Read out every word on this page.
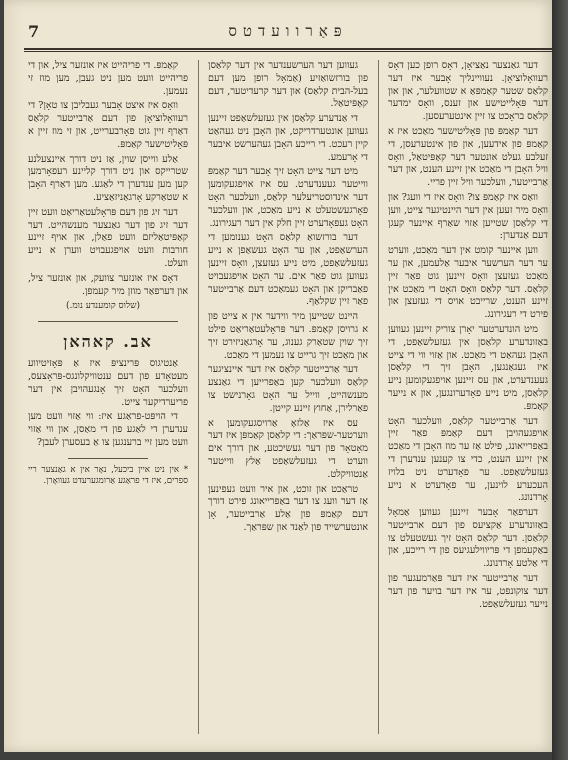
7	פּאַרוועדטס

דער גאַנצער נאַציאָן, דאָס רופן כען דאָס רעוואָלוציאָן. נעוויינליך אָבער איז דער קלאַס שטער קאַמפּאַ א שטוועלער, און און דער פּאָלייטישע און זענס, וואָס ימדער קלאַס בראָכט צו זיין אינטערעסען.

דער קאַמפּ פון פּאָליטישער מאַכט איז א קאַמפּ פון אידעען, און פון אינטערעסן, די זעלבע געלט אונטער דער קאַפּיטאַל, וואָס וויל האָבן די מאַכט אין זיינע הענט, און דער אַרבייטער, וועלכער וויל זיין פריי.

וואַס איז קאַמפּ צו? וואָס איז די וועג? און וואָס מיר זעען אין דער היינטיגער צייט, ווען די קלאַסן שטייען אַזוי שאַרף איינער קעגן דעם אַנדערן:

ווען איינער קומט אין דער מאַכט, ווערט ער דער הערשער איבער אַלעמען, און ער מאַכט געזעצן וואָס זיינען גוט פאַר זיין קלאַס. דער קלאַס וואָס האָט די מאַכט אין זיינע הענט, שרייבט אויס די געזעצן און פירט די רעגירונג.

מיט הונדערטער יאָרן צוריק זיינען געווען באַזונדערע קלאַסן אין געזעלשאַפט, די האָבן געהאַט די מאַכט. און אַזוי ווי די צייט איז געגאַנגען, האָבן זיך די קלאַסן געענדערט, און עס זיינען אויפגעקומען נייע קלאַסן, מיט נייע פאָדערונגען, און א נייער קאַמפּ.

דער אַרבייטער קלאַס, וועלכער האָט אויפגעהויבן דעם קאַמפּ פאַר זיין באַפרייאונג, פילט אַז ער מוז האָבן די מאַכט אין זיינע הענט, כדי צו קענען ענדערן די געזעלשאַפט. ער פאָדערט ניט בלויז העכערע לוינען, ער פאָדערט א נייע אָרדנונג.

דערפאַר אָבער זיינען געווען אַמאָל באַזונדערע אַקציעס פון דעם ארבייטער קלאַסן. דער קלאַס האָט זיך געשטעלט צו באַקעמפן די פּריווילעגיעס פון די רייכע, און די אַלטע אָרדנונג.

דער אַרבייטער איז דער פּאַרמעגער פון דער צוקונפט, ער איז דער בויער פון דער נייער געזעלשאַפט.

געווען דער הערשענדער אין דער קלאַסן פון בורזשואַזיע (אַמאָל רופן מען דעם בעל-הבית קלאַס) און דער קרעדיטער, דעם קאָפּיטאַל.

די אַנדערע קלאַסן אין געזעלשאַפט זיינען געווען אונטערדריקט, און האָבן ניט געהאַט קיין רעכט. די רייכע האָבן געהערשט איבער די אָרעמע.

מיט דער צייט האָט זיך אָבער דער קאַמפּ ווייטער געענדערט. עס איז אויפגעקומען דער אינדוסטריעלער קלאַס, וועלכער האָט פאָרגעשטעלט א נייע מאַכט, און וועלכער האָט געפאָדערט זיין חלק אין דער רעגירונג.

דער בורזשואַ קלאַס האָט גענומען די הערשאַפט, און ער האָט געשאַפן א נייע געזעלשאַפט, מיט נייע געזעצן, וואָס זיינען געווען גוט פאַר אים. ער האָט אויפגעבויט פאַבריקן און האָט געמאַכט דעם אַרבייטער פאַר זיין שקלאַף.

היינט שטייען מיר ווידער אין א צייט פון א גרויסן קאַמפּ. דער פּראָלעטאַריאַט פילט זיך שוין שטאַרק גענוג, ער אָרגאַניזירט זיך און מאַכט זיך גרייט צו נעמען די מאַכט.

דער אַרבייטער קלאַס איז דער איינציגער קלאַס וועלכער קען באַפרייען די גאַנצע מענשהייט, ווייל ער האָט גאָרנישט צו פאַרלירן, אַחוץ זיינע קייטן.

עס איז אַלזאָ אַרויסגעקומען א ווערטער-שפּראַך: די קלאַסן קאַמפּן איז דער מאָטאָר פון דער געשיכטע, און דורך אים ווערט די געזעלשאַפט אַלץ ווייטער אַנטוויקלט.

טראַכט און זוכט, און איר וועט געפינען אַז דער וועג צו דער באַפרייאונג פירט דורך דעם קאַמפּ פון אַלע אַרבייטער, אָן אונטערשייד פון לאַנד און שפּראַך.

קאַמפּ. די פריהייט איז אונזער ציל, און די פריהייט וועט מען ניט געבן, מען מוז זי נעמען.

וואָס איז איצט אָבער געבליבן צו טאָן? די רעוואָלוציאָן פון דעם אַרבייטער קלאַס דאַרף זיין גוט פאָרבערייט, און זי מוז זיין א פּאָליטישער קאַמפּ.

אַלע ווייסן שוין, אַז ניט דורך איינצעלנע שטרייקס און ניט דורך קליינע רעפאָרמען קען מען ענדערן די לאַגע. מען דאַרף האָבן א שטאַרקע אָרגאַניזאַציע.

דער זיג פון דעם פּראָלעטאַריאַט וועט זיין דער זיג פון דער גאַנצער מענשהייט. דער קאַפּיטאַליזם וועט פאַלן, און אויף זיינע חורבות וועט אויפגעבויט ווערן א נייע וועלט.

דאָס איז אונזער צוועק, און אונזער ציל, און דערפאַר מוזן מיר קעמפן.

(שלוס קומענדע נומ.)

אב. קאהאן

אַנטיגוס פּרינציפּ איז אַ פּאָזיטיווע מעטאָדע פון דעם ענטוויקלונגס-פּראָצעס, וועלכער האָט זיך אָנגעהויבן אין דער פריערדיקער צייט.

די הויפּט-פראַגע איז: ווי אַזוי וועט מען ענדערן די לאַגע פון די מאַסן, און ווי אַזוי וועט מען זיי ברענגען צו אַ בעסערן לעבן?

* אין ניט איין ביכעל, נאָר אין א גאַנצער ריי ספרים, איז די פראַגע אַרומגערעדט געוואָרן.
